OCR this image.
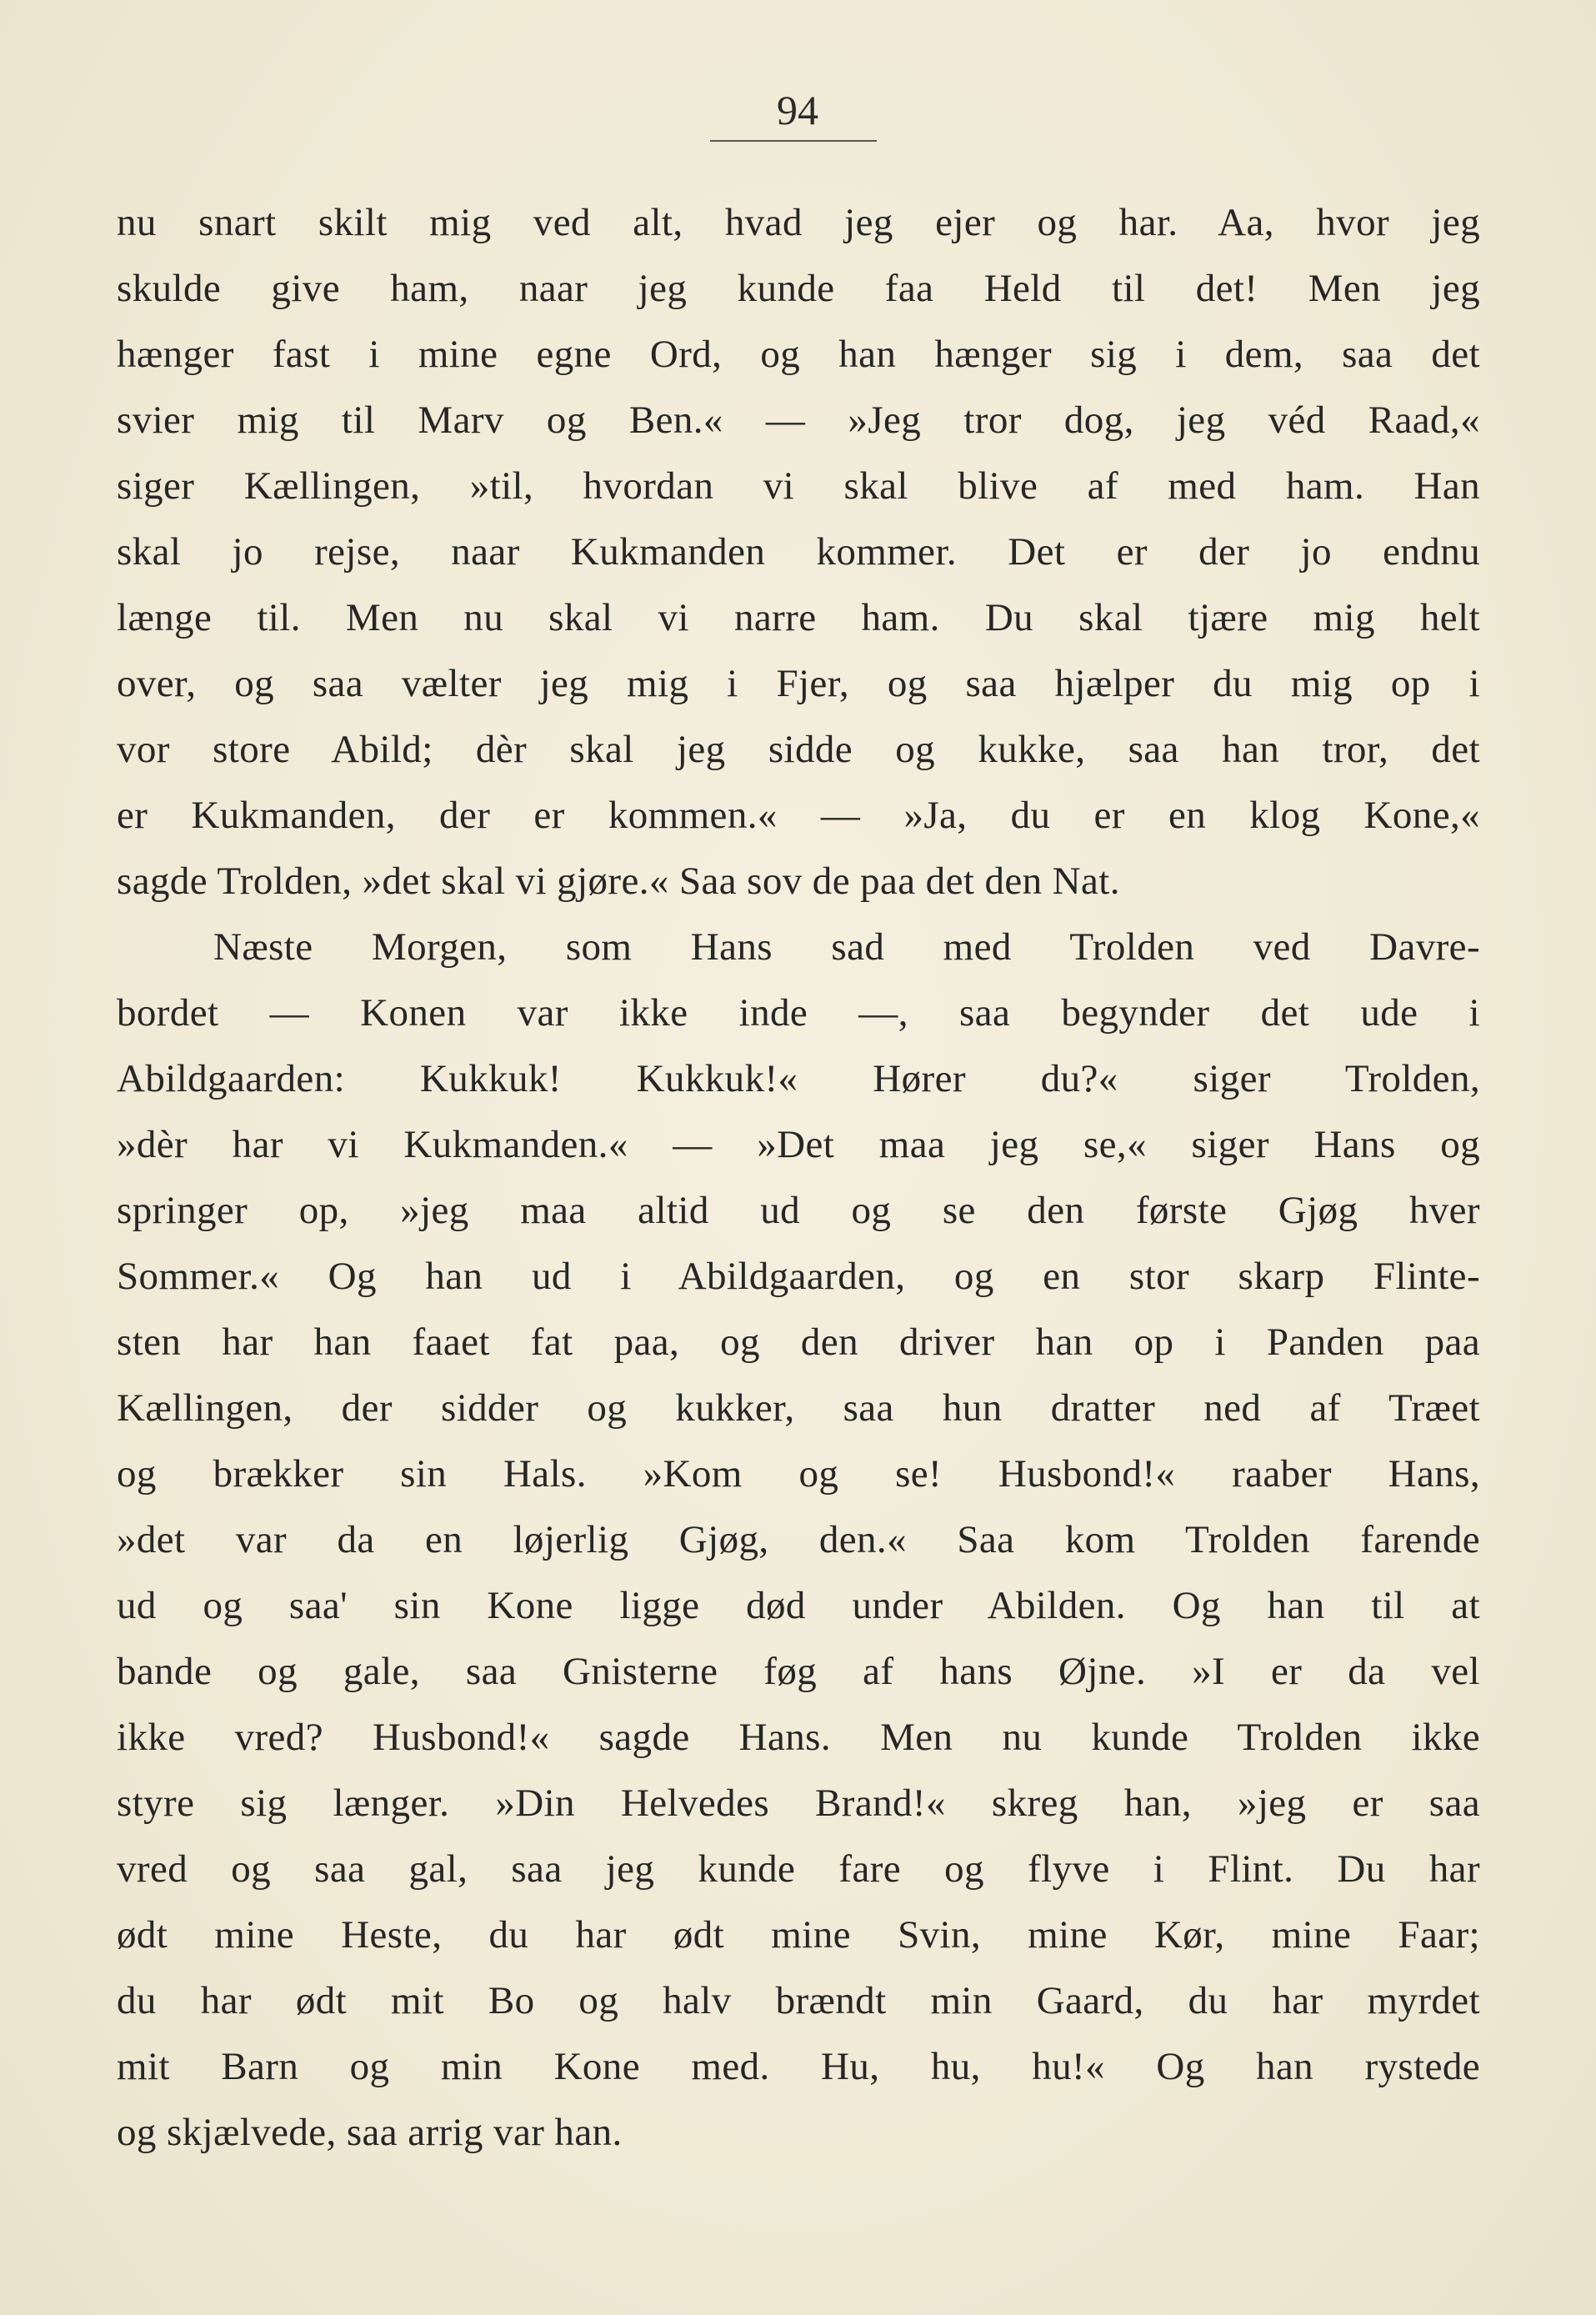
94
nu snart skilt mig ved alt, hvad jeg ejer og har. Aa, hvor jeg
skulde give ham, naar jeg kunde faa Held til det! Men jeg
hænger fast i mine egne Ord, og han hænger sig i dem, saa det
svier mig til Marv og Ben.« — »Jeg tror dog, jeg véd Raad,«
siger Kællingen, »til, hvordan vi skal blive af med ham. Han
skal jo rejse, naar Kukmanden kommer. Det er der jo endnu
længe til. Men nu skal vi narre ham. Du skal tjære mig helt
over, og saa vælter jeg mig i Fjer, og saa hjælper du mig op i
vor store Abild; dèr skal jeg sidde og kukke, saa han tror, det
er Kukmanden, der er kommen.« — »Ja, du er en klog Kone,«
sagde Trolden, »det skal vi gjøre.« Saa sov de paa det den Nat.
Næste Morgen, som Hans sad med Trolden ved Davre-
bordet — Konen var ikke inde —, saa begynder det ude i
Abildgaarden: Kukkuk! Kukkuk!« Hører du?« siger Trolden,
»dèr har vi Kukmanden.« — »Det maa jeg se,« siger Hans og
springer op, »jeg maa altid ud og se den første Gjøg hver
Sommer.« Og han ud i Abildgaarden, og en stor skarp Flinte-
sten har han faaet fat paa, og den driver han op i Panden paa
Kællingen, der sidder og kukker, saa hun dratter ned af Træet
og brækker sin Hals. »Kom og se! Husbond!« raaber Hans,
»det var da en løjerlig Gjøg, den.« Saa kom Trolden farende
ud og saa' sin Kone ligge død under Abilden. Og han til at
bande og gale, saa Gnisterne føg af hans Øjne. »I er da vel
ikke vred? Husbond!« sagde Hans. Men nu kunde Trolden ikke
styre sig længer. »Din Helvedes Brand!« skreg han, »jeg er saa
vred og saa gal, saa jeg kunde fare og flyve i Flint. Du har
ødt mine Heste, du har ødt mine Svin, mine Kør, mine Faar;
du har ødt mit Bo og halv brændt min Gaard, du har myrdet
mit Barn og min Kone med. Hu, hu, hu!« Og han rystede
og skjælvede, saa arrig var han.
